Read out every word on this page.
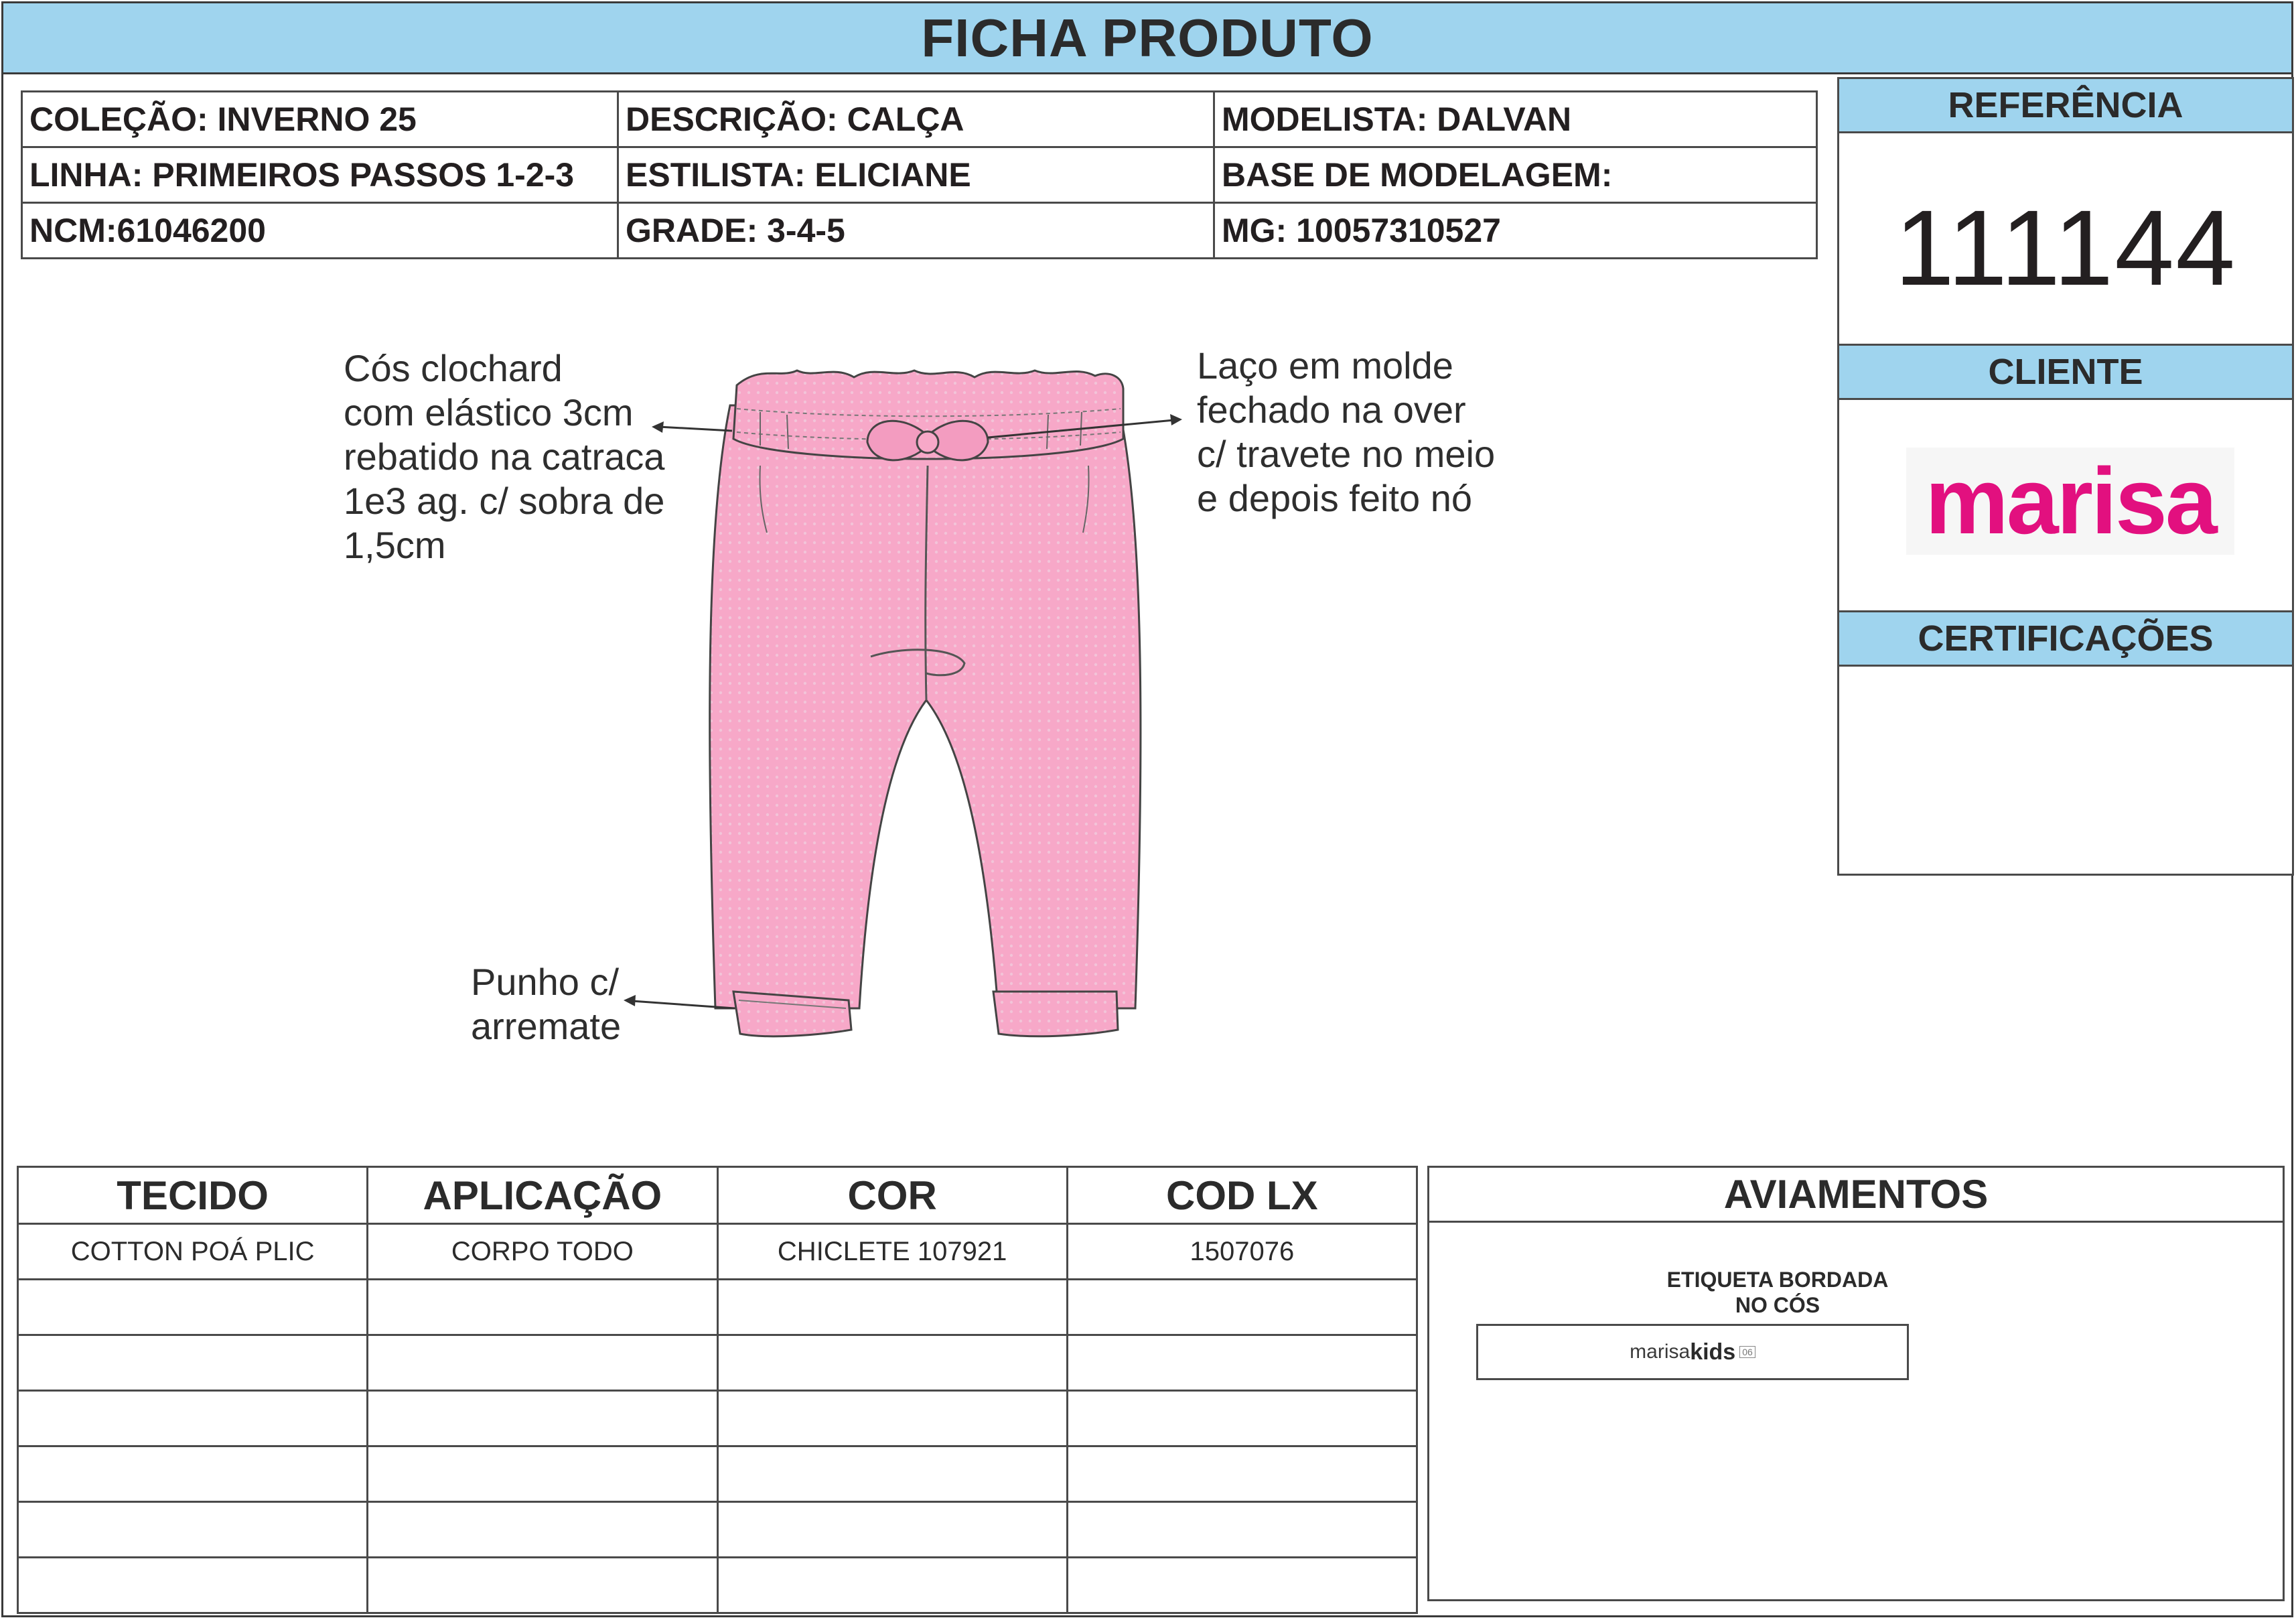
FICHA PRODUTO
COLEÇÃO: INVERNO 25	DESCRIÇÃO: CALÇA	MODELISTA: DALVAN
LINHA: PRIMEIROS PASSOS 1-2-3	ESTILISTA: ELICIANE	BASE DE MODELAGEM:
NCM:61046200	GRADE: 3-4-5	MG: 10057310527
REFERÊNCIA
111144
CLIENTE
marisa
CERTIFICAÇÕES
Cós clochard
com elástico 3cm
rebatido na catraca
1e3 ag. c/ sobra de
1,5cm
Laço em molde
fechado na over
c/ travete no meio
e depois feito nó
Punho c/
arremate
TECIDO	APLICAÇÃO	COR	COD LX
COTTON POÁ PLIC	CORPO TODO	CHICLETE 107921	1507076

AVIAMENTOS
ETIQUETA BORDADA
NO CÓS
marisa kids 06
